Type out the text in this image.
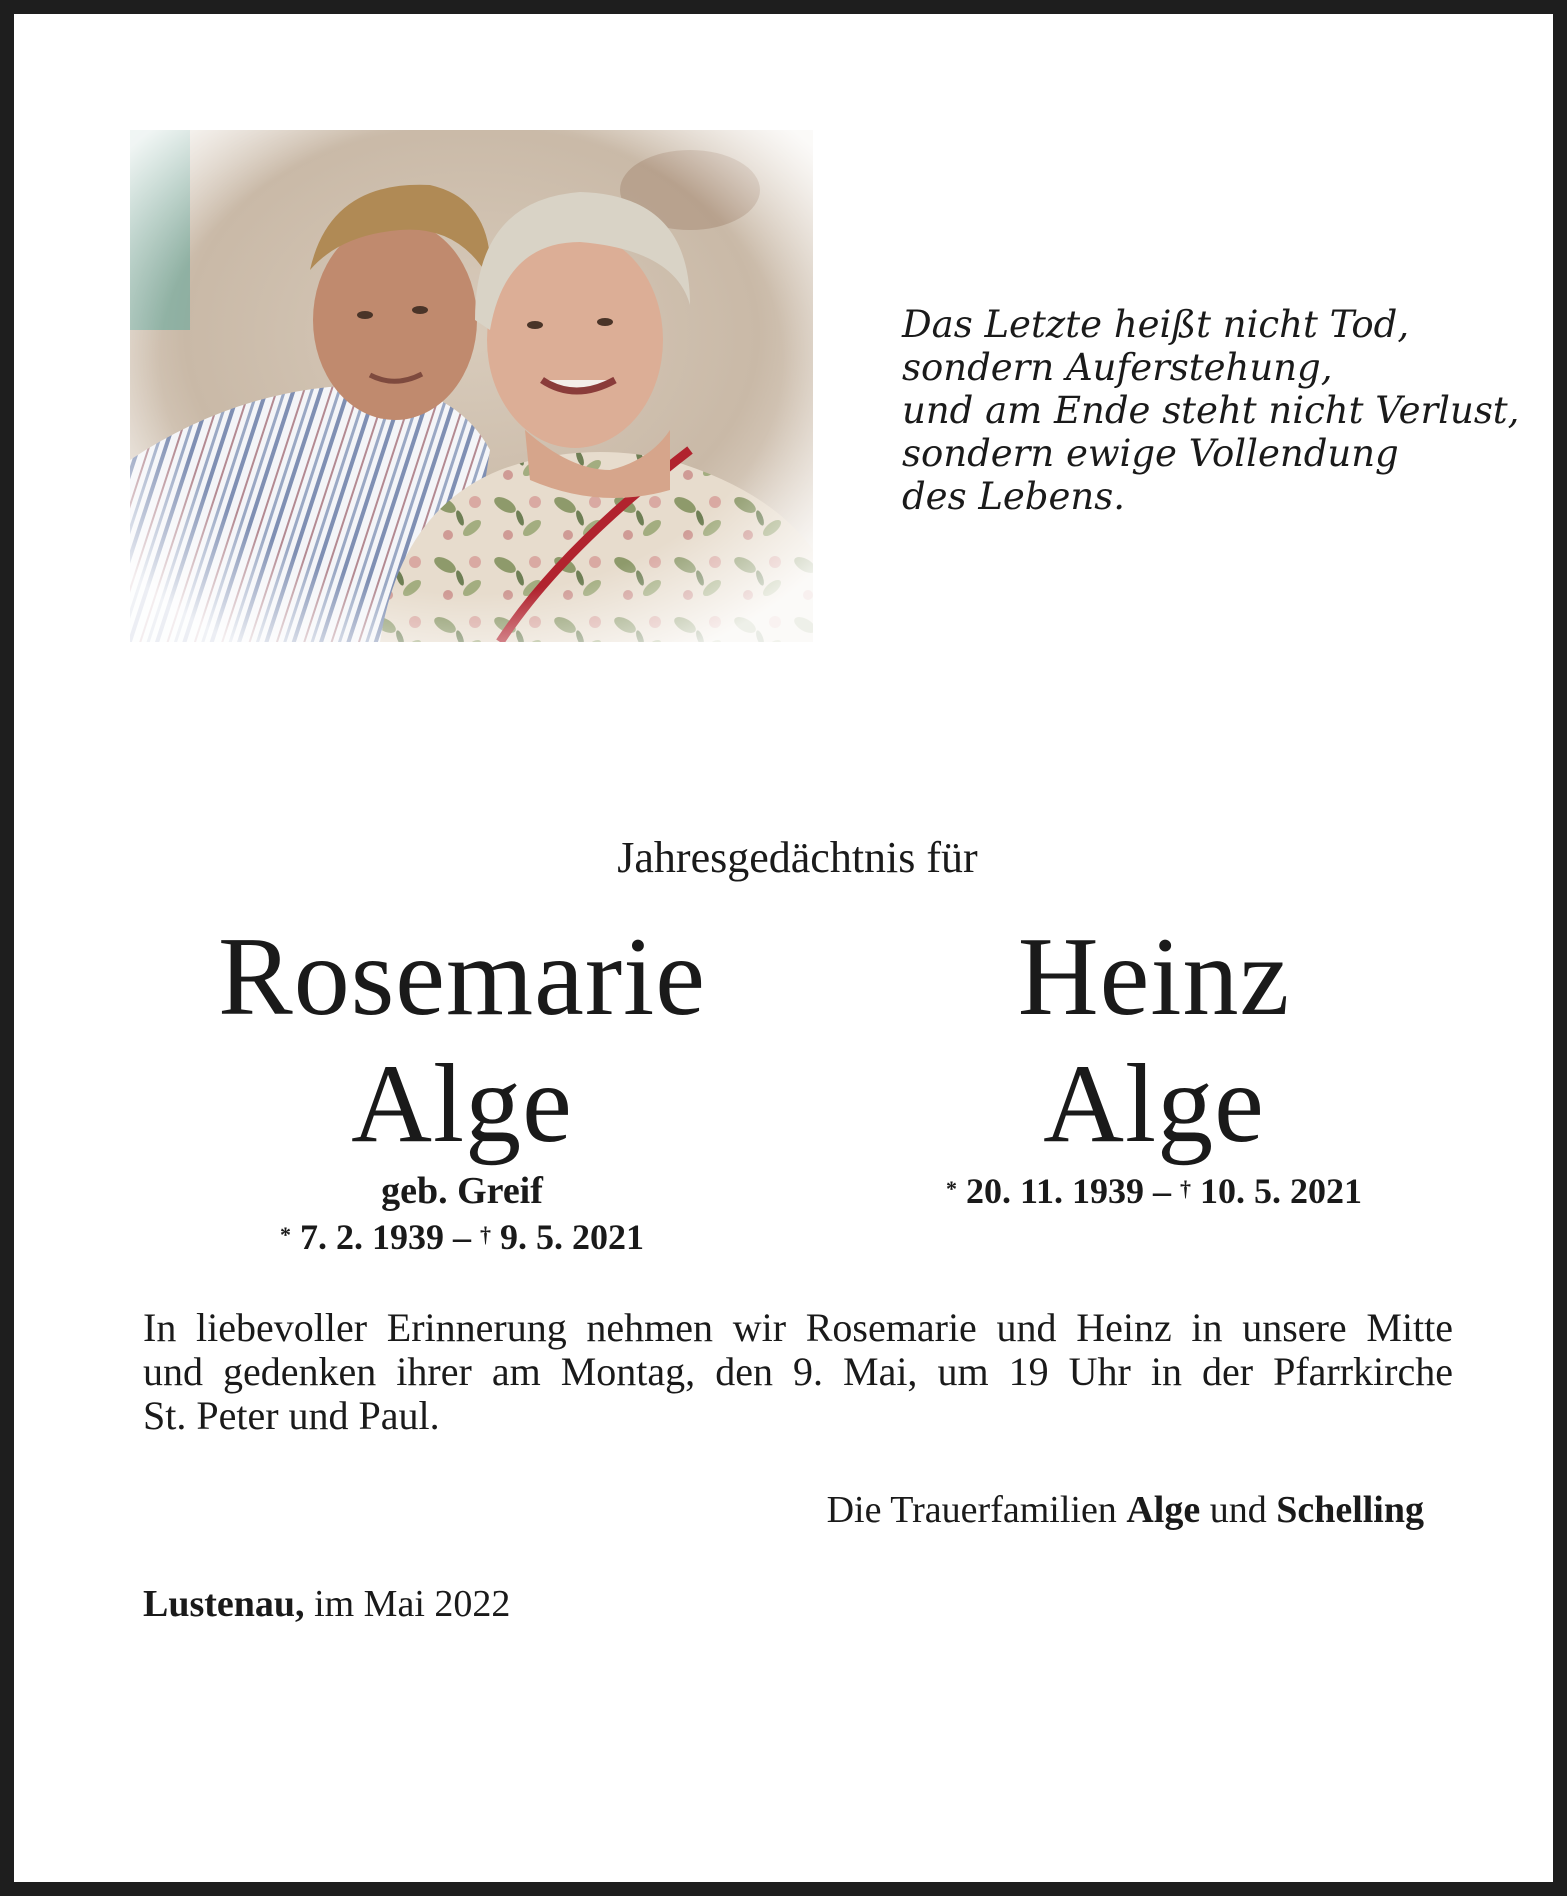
Das Letzte heißt nicht Tod,
sondern Auferstehung,
und am Ende steht nicht Verlust,
sondern ewige Vollendung
des Lebens.
Jahresgedächtnis für
Rosemarie
Alge
geb. Greif
* 7. 2. 1939 – † 9. 5. 2021
Heinz
Alge
* 20. 11. 1939 – † 10. 5. 2021
In liebevoller Erinnerung nehmen wir Rosemarie und Heinz in unsere Mitte
und gedenken ihrer am Montag, den 9. Mai, um 19 Uhr in der Pfarrkirche
St. Peter und Paul.
Die Trauerfamilien Alge und Schelling
Lustenau, im Mai 2022
